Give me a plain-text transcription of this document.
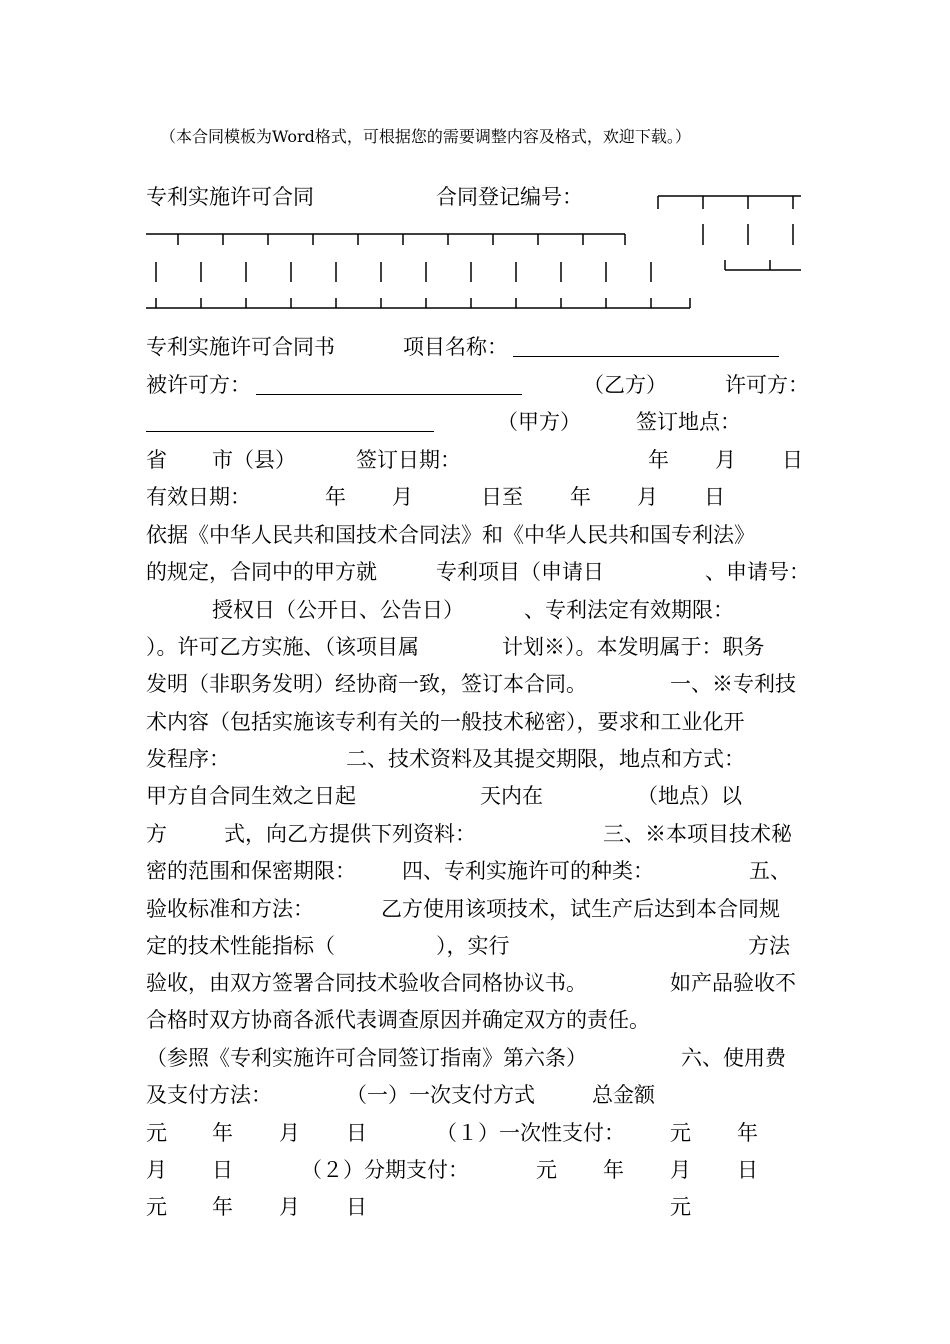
（本合同模板为Word格式，可根据您的需要调整内容及格式，欢迎下载。）
专利实施许可合同	合同登记编号：
专利实施许可合同书	项目名称：
被许可方：	（乙方）	许可方：
（甲方）	签订地点：
省 市（县）	签订日期：	年 月 日
有效日期：	年 月	日至 年 月 日
依据《中华人民共和国技术合同法》和《中华人民共和国专利法》
的规定，合同中的甲方就	专利项目（申请日	、申请号：
授权日（公开日、公告日）	、专利法定有效期限：
）。许可乙方实施、（该项目属	计划※）。本发明属于：职务
发明（非职务发明）经协商一致，签订本合同。	一、※专利技
术内容（包括实施该专利有关的一般技术秘密），要求和工业化开
发程序：	二、技术资料及其提交期限，地点和方式：
甲方自合同生效之日起	天内在	（地点）以
方	式，向乙方提供下列资料：	三、※本项目技术秘
密的范围和保密期限： 四、专利实施许可的种类：	五、
验收标准和方法：	乙方使用该项技术，试生产后达到本合同规
定的技术性能指标（	），实行	方法
验收，由双方签署合同技术验收合同格协议书。	如产品验收不
合格时双方协商各派代表调查原因并确定双方的责任。
（参照《专利实施许可合同签订指南》第六条）	六、使用费
及支付方法：	（一）一次支付方式	总金额
元 年 月 日	（１）一次性支付： 元 年
月 日	（２）分期支付：	元 年 月 日
元 年 月 日	元
